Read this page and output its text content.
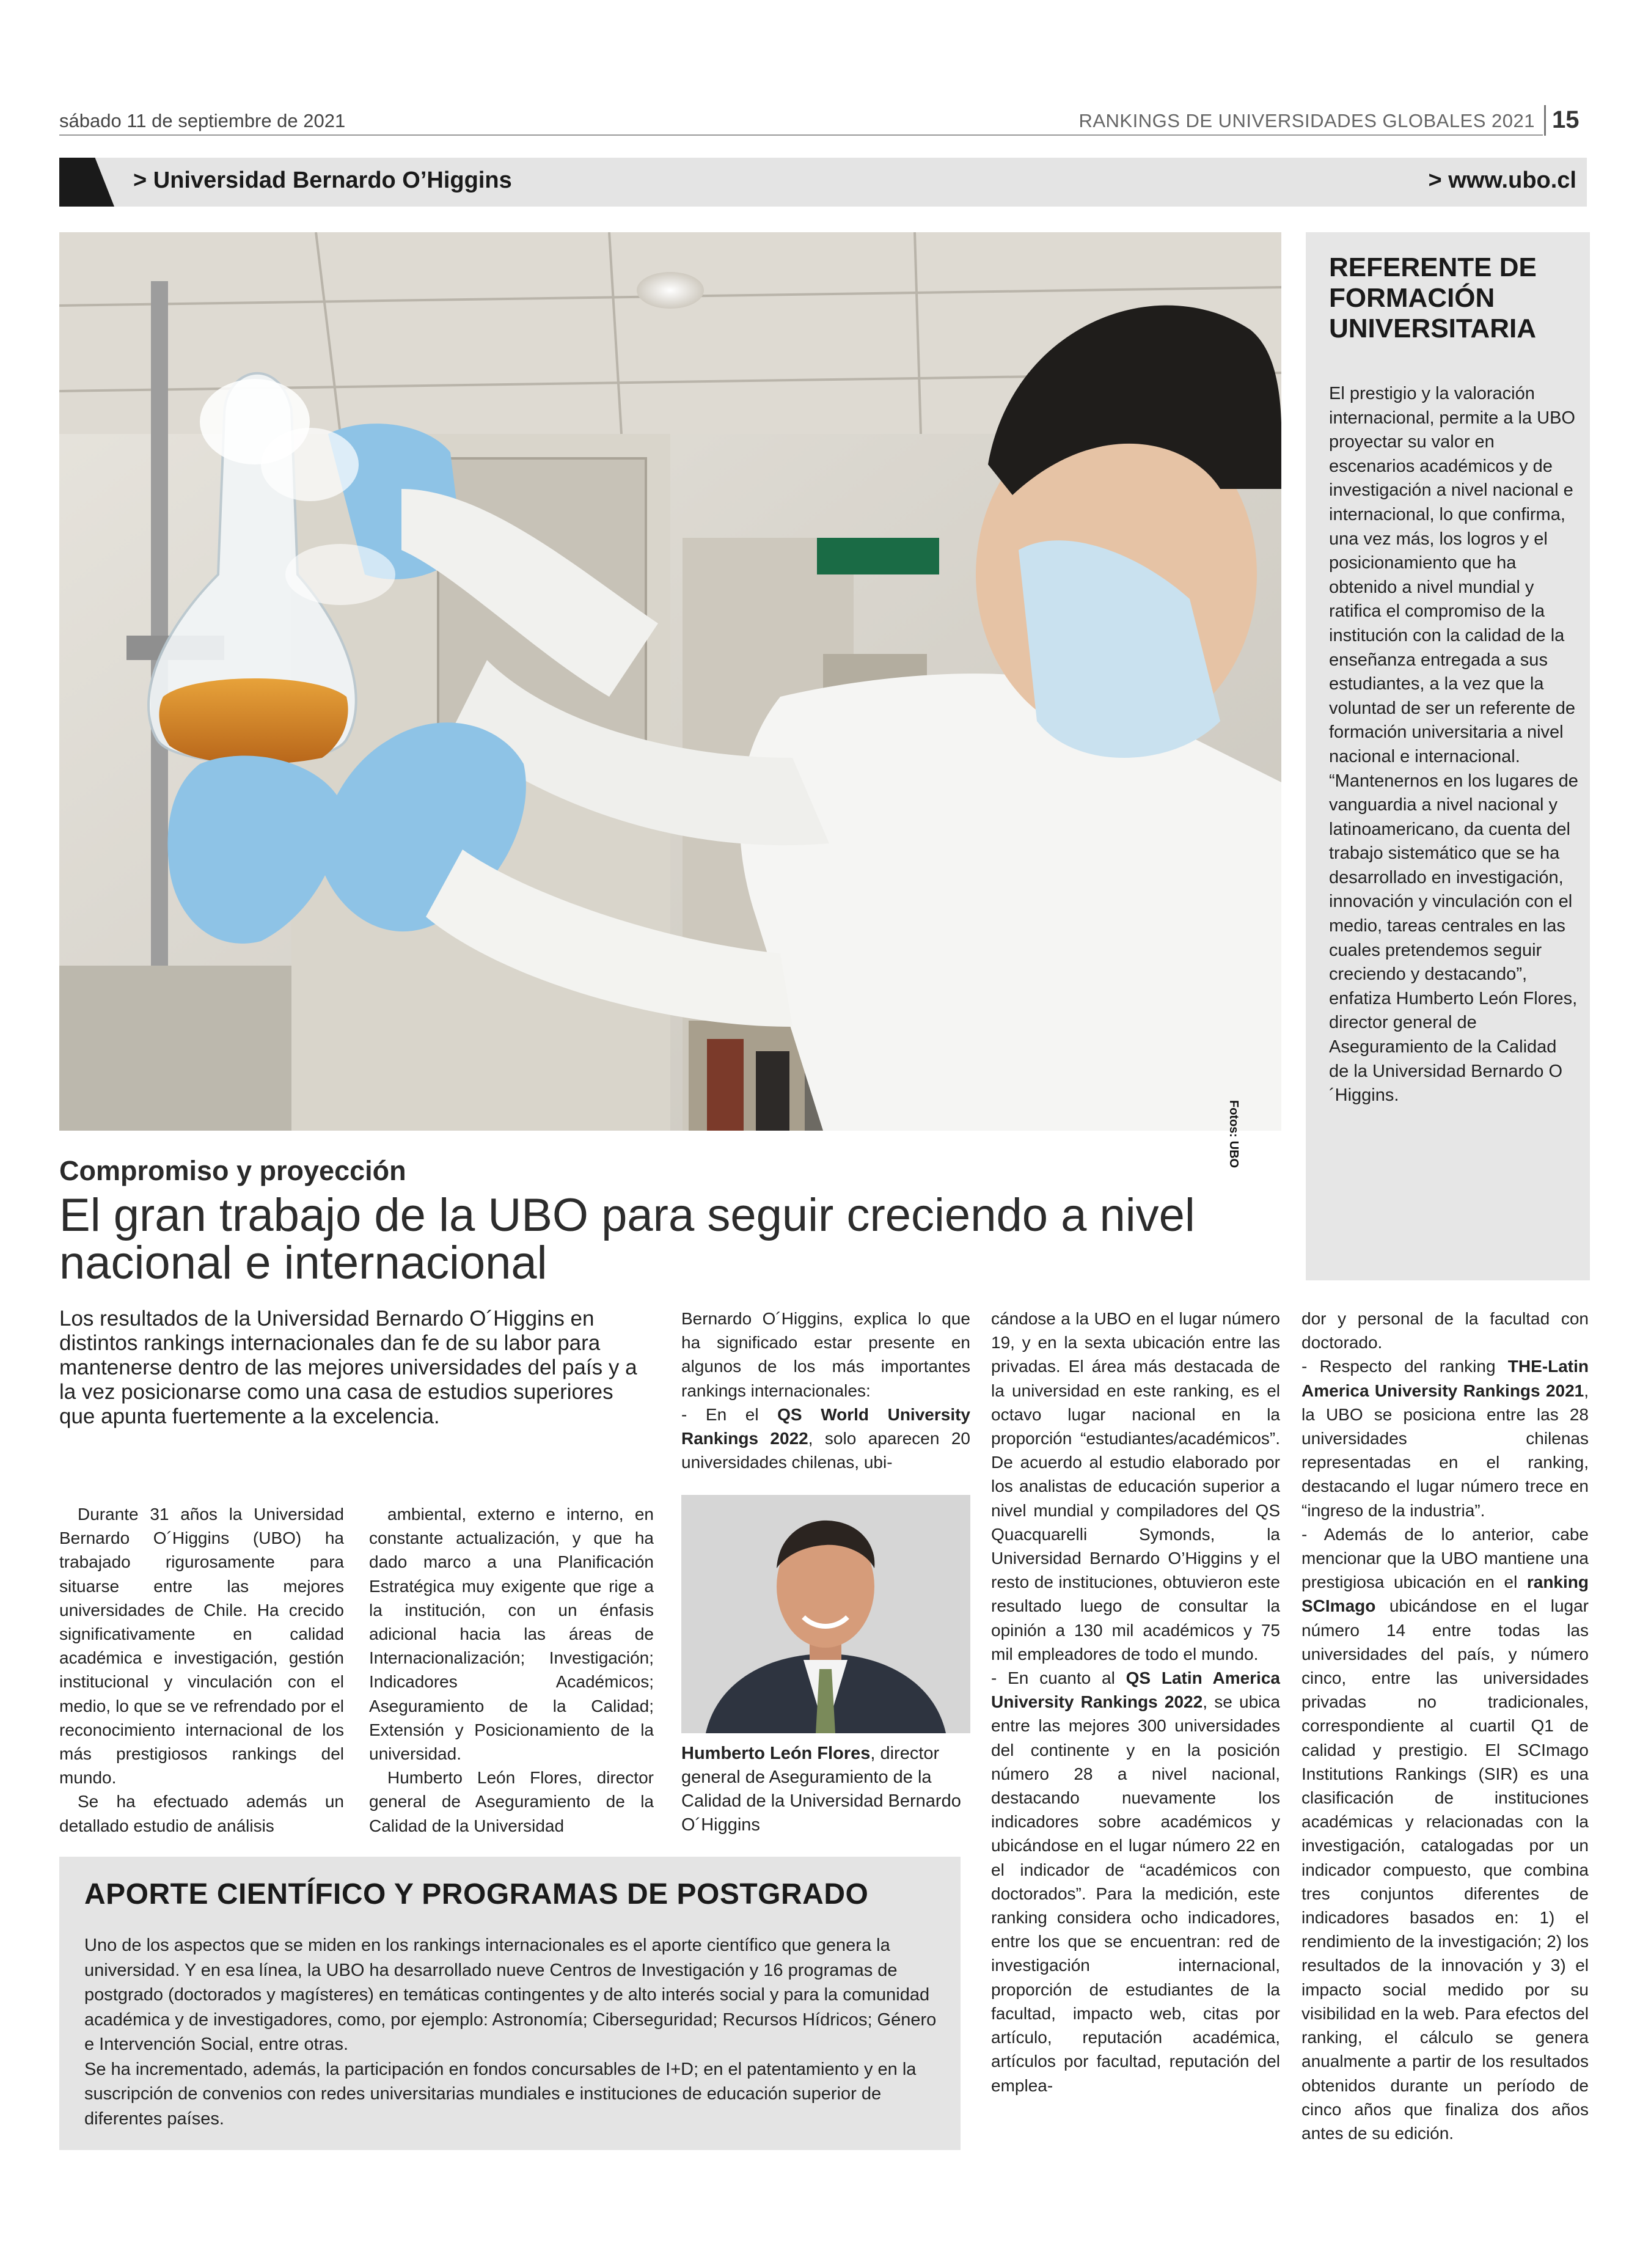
sábado 11 de septiembre de 2021	RANKINGS DE UNIVERSIDADES GLOBALES 2021 15
> Universidad Bernardo O’Higgins	> www.ubo.cl
Fotos: UBO
REFERENTE DE FORMACIÓN UNIVERSITARIA
El prestigio y la valoración internacional, permite a la UBO proyectar su valor en escenarios académicos y de investigación a nivel nacional e internacional, lo que confirma, una vez más, los logros y el posicionamiento que ha obtenido a nivel mundial y ratifica el compromiso de la institución con la calidad de la enseñanza entregada a sus estudiantes, a la vez que la voluntad de ser un referente de formación universitaria a nivel nacional e internacional.
“Mantenernos en los lugares de vanguardia a nivel nacional y latinoamericano, da cuenta del trabajo sistemático que se ha desarrollado en investigación, innovación y vinculación con el medio, tareas centrales en las cuales pretendemos seguir creciendo y destacando”, enfatiza Humberto León Flores, director general de Aseguramiento de la Calidad de la Universidad Bernardo O´Higgins.
Compromiso y proyección
El gran trabajo de la UBO para seguir creciendo a nivel nacional e internacional
Los resultados de la Universidad Bernardo O´Higgins en distintos rankings internacionales dan fe de su labor para mantenerse dentro de las mejores universidades del país y a la vez posicionarse como una casa de estudios superiores que apunta fuertemente a la excelencia.

Durante 31 años la Universidad Bernardo O´Higgins (UBO) ha trabajado rigurosamente para situarse entre las mejores universidades de Chile. Ha crecido significativamente en calidad académica e investigación, gestión institucional y vinculación con el medio, lo que se ve refrendado por el reconocimiento internacional de los más prestigiosos rankings del mundo.

Se ha efectuado además un detallado estudio de análisis

ambiental, externo e interno, en constante actualización, y que ha dado marco a una Planificación Estratégica muy exigente que rige a la institución, con un énfasis adicional hacia las áreas de Internacionalización; Investigación; Indicadores Académicos; Aseguramiento de la Calidad; Extensión y Posicionamiento de la universidad.

Humberto León Flores, director general de Aseguramiento de la Calidad de la Universidad

Bernardo O´Higgins, explica lo que ha significado estar presente en algunos de los más importantes rankings internacionales:

- En el QS World University Rankings 2022, solo aparecen 20 universidades chilenas, ubi-

Humberto León Flores, director general de Aseguramiento de la Calidad de la Universidad Bernardo O´Higgins

cándose a la UBO en el lugar número 19, y en la sexta ubicación entre las privadas. El área más destacada de la universidad en este ranking, es el octavo lugar nacional en la proporción “estudiantes/académicos”. De acuerdo al estudio elaborado por los analistas de educación superior a nivel mundial y compiladores del QS Quacquarelli Symonds, la Universidad Bernardo O’Higgins y el resto de instituciones, obtuvieron este resultado luego de consultar la opinión a 130 mil académicos y 75 mil empleadores de todo el mundo.

- En cuanto al QS Latin America University Rankings 2022, se ubica entre las mejores 300 universidades del continente y en la posición número 28 a nivel nacional, destacando nuevamente los indicadores sobre académicos y ubicándose en el lugar número 22 en el indicador de “académicos con doctorados”. Para la medición, este ranking considera ocho indicadores, entre los que se encuentran: red de investigación internacional, proporción de estudiantes de la facultad, impacto web, citas por artículo, reputación académica, artículos por facultad, reputación del emplea-

dor y personal de la facultad con doctorado.

- Respecto del ranking THE-Latin America University Rankings 2021, la UBO se posiciona entre las 28 universidades chilenas representadas en el ranking, destacando el lugar número trece en “ingreso de la industria”.

- Además de lo anterior, cabe mencionar que la UBO mantiene una prestigiosa ubicación en el ranking SCImago ubicándose en el lugar número 14 entre todas las universidades del país, y número cinco, entre las universidades privadas no tradicionales, correspondiente al cuartil Q1 de calidad y prestigio. El SCImago Institutions Rankings (SIR) es una clasificación de instituciones académicas y relacionadas con la investigación, catalogadas por un indicador compuesto, que combina tres conjuntos diferentes de indicadores basados en: 1) el rendimiento de la investigación; 2) los resultados de la innovación y 3) el impacto social medido por su visibilidad en la web. Para efectos del ranking, el cálculo se genera anualmente a partir de los resultados obtenidos durante un período de cinco años que finaliza dos años antes de su edición.

APORTE CIENTÍFICO Y PROGRAMAS DE POSTGRADO

Uno de los aspectos que se miden en los rankings internacionales es el aporte científico que genera la universidad. Y en esa línea, la UBO ha desarrollado nueve Centros de Investigación y 16 programas de postgrado (doctorados y magísteres) en temáticas contingentes y de alto interés social y para la comunidad académica y de investigadores, como, por ejemplo: Astronomía; Ciberseguridad; Recursos Hídricos; Género e Intervención Social, entre otras.

Se ha incrementado, además, la participación en fondos concursables de I+D; en el patentamiento y en la suscripción de convenios con redes universitarias mundiales e instituciones de educación superior de diferentes países.
